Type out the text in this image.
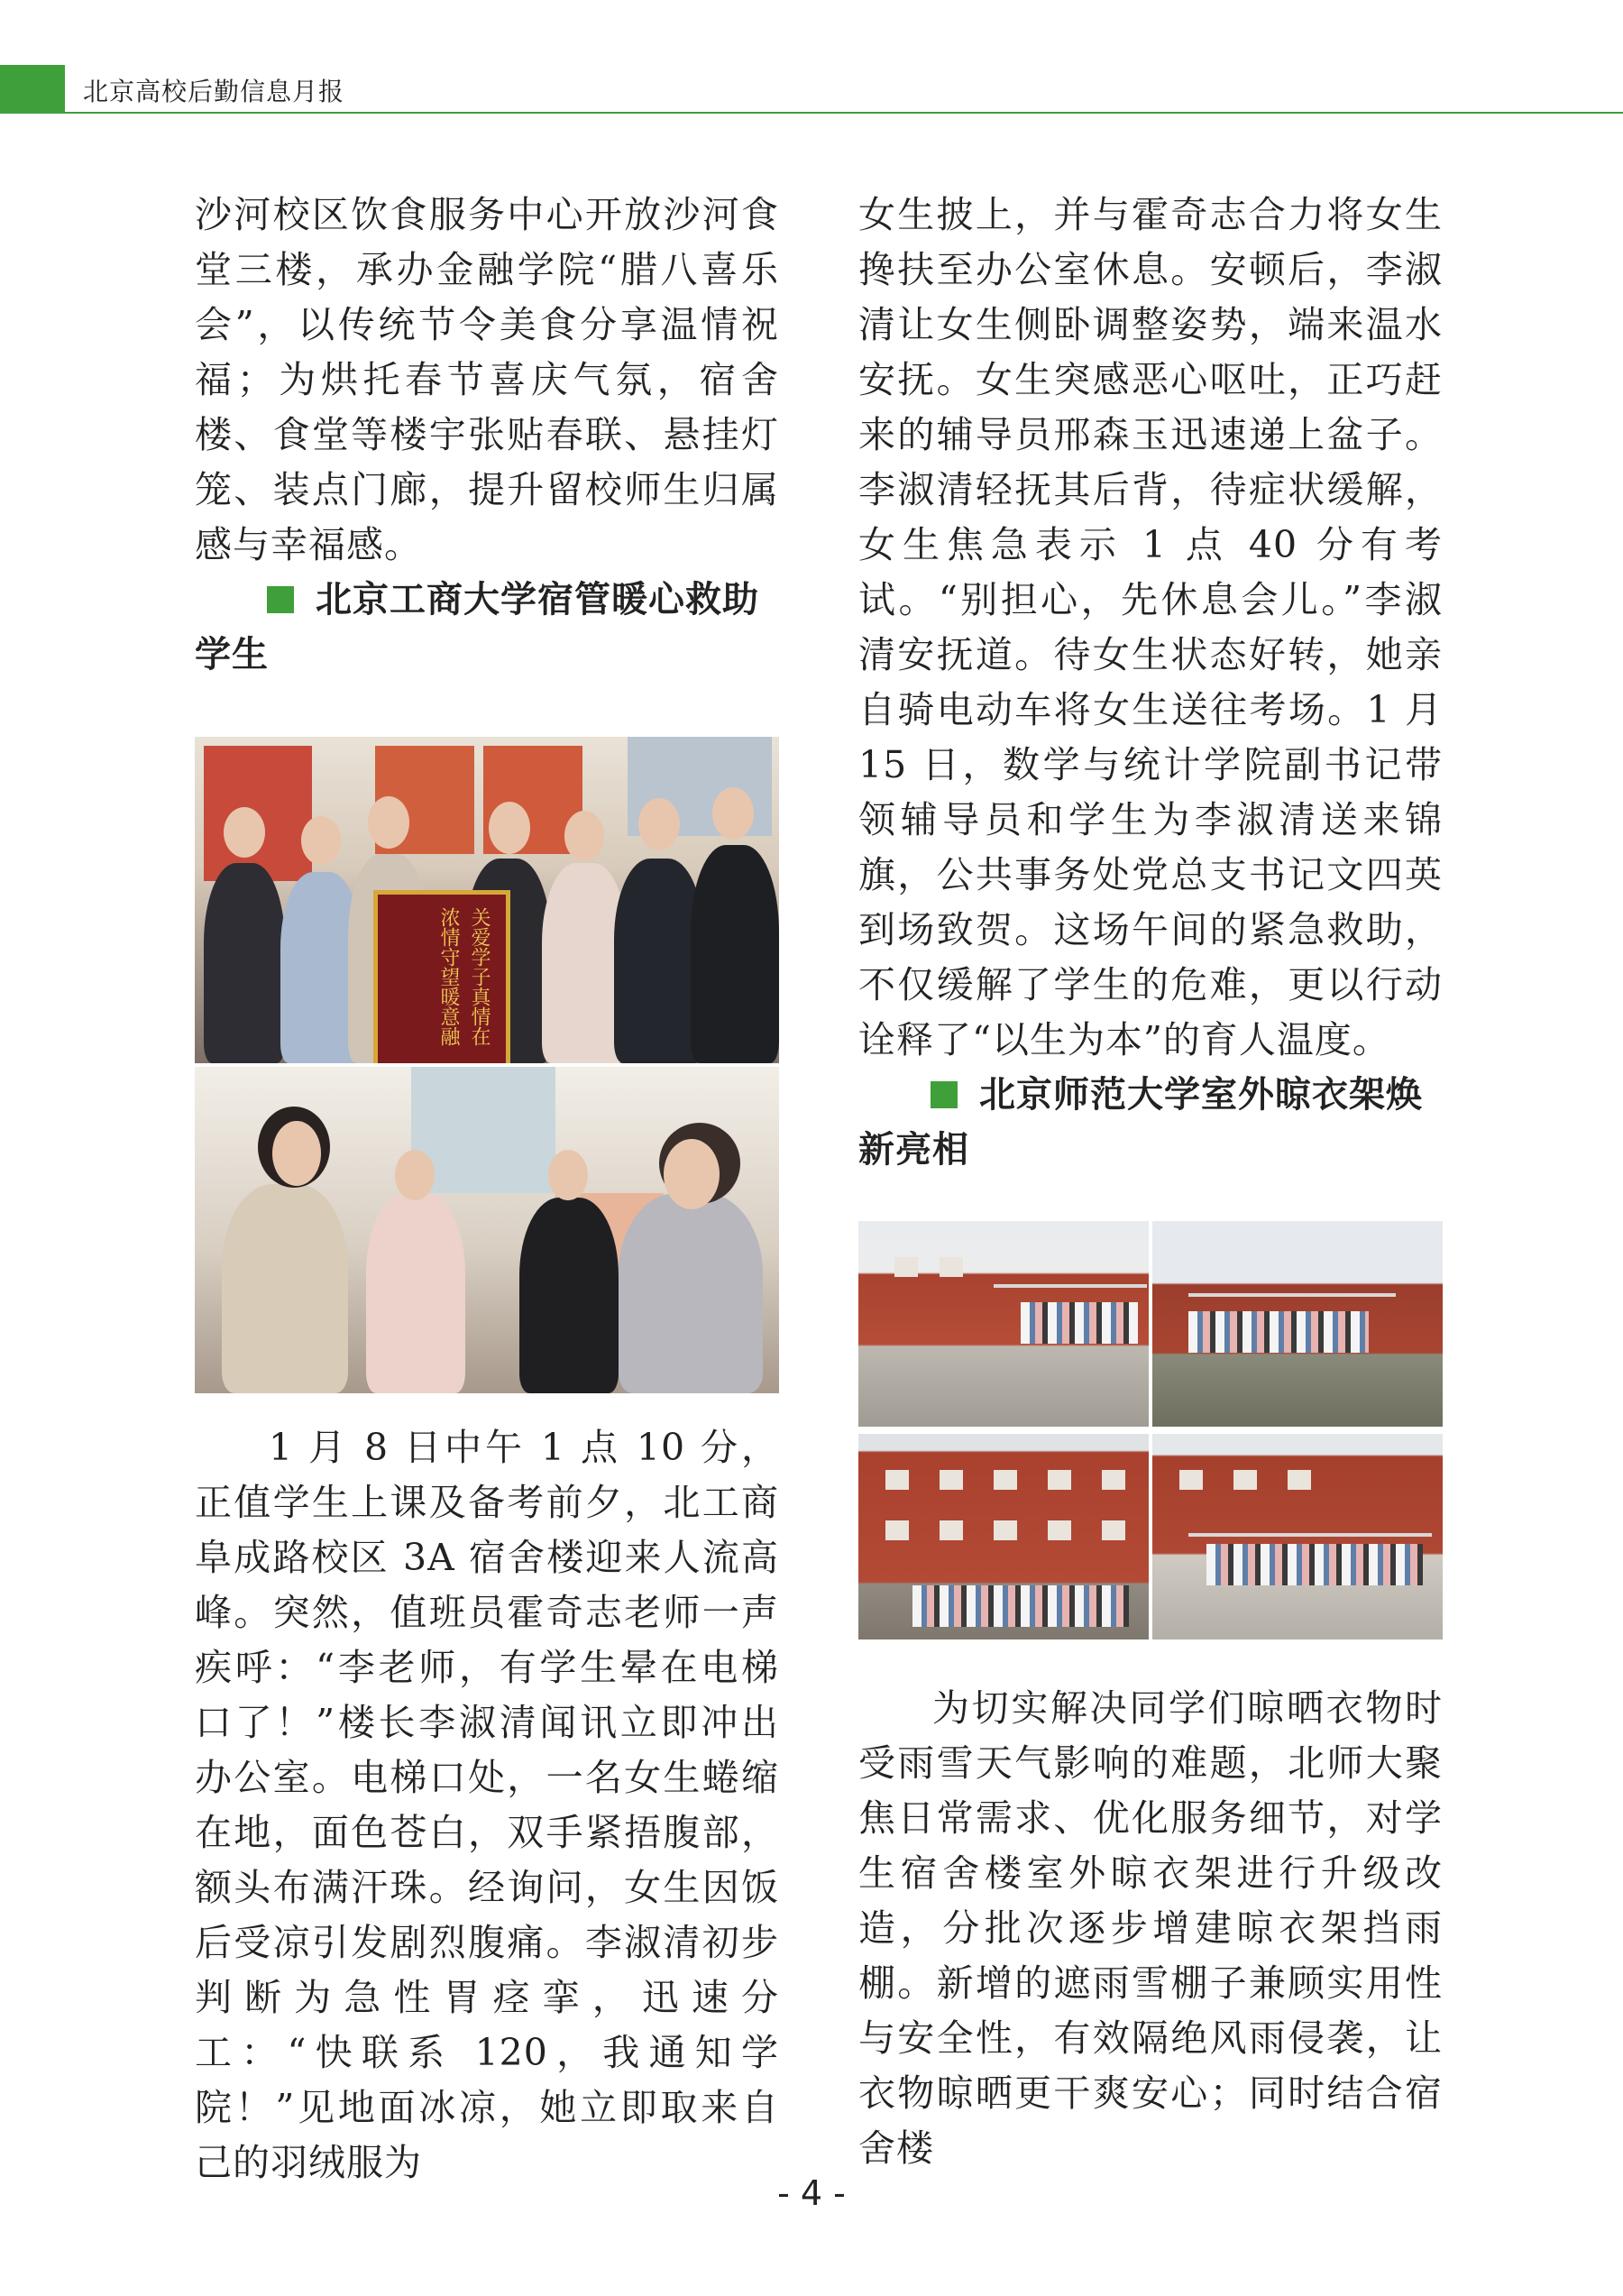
北京高校后勤信息月报

沙河校区饮食服务中心开放沙河食堂三楼，承办金融学院“腊八喜乐会”，以传统节令美食分享温情祝福；为烘托春节喜庆气氛，宿舍楼、食堂等楼宇张贴春联、悬挂灯笼、装点门廊，提升留校师生归属感与幸福感。

北京工商大学宿管暖心救助学生
关爱学子真情在
浓情守望暖意融

1 月 8 日中午 1 点 10 分，正值学生上课及备考前夕，北工商阜成路校区 3A 宿舍楼迎来人流高峰。突然，值班员霍奇志老师一声疾呼：“李老师，有学生晕在电梯口了！”楼长李淑清闻讯立即冲出办公室。电梯口处，一名女生蜷缩在地，面色苍白，双手紧捂腹部，额头布满汗珠。经询问，女生因饭后受凉引发剧烈腹痛。李淑清初步判断为急性胃痉挛，迅速分工：“快联系 120，我通知学院！”见地面冰凉，她立即取来自己的羽绒服为

女生披上，并与霍奇志合力将女生搀扶至办公室休息。安顿后，李淑清让女生侧卧调整姿势，端来温水安抚。女生突感恶心呕吐，正巧赶来的辅导员邢森玉迅速递上盆子。李淑清轻抚其后背，待症状缓解，女生焦急表示 1 点 40 分有考试。“别担心，先休息会儿。”李淑清安抚道。待女生状态好转，她亲自骑电动车将女生送往考场。1 月 15 日，数学与统计学院副书记带领辅导员和学生为李淑清送来锦旗，公共事务处党总支书记文四英到场致贺。这场午间的紧急救助，不仅缓解了学生的危难，更以行动诠释了“以生为本”的育人温度。

北京师范大学室外晾衣架焕新亮相

为切实解决同学们晾晒衣物时受雨雪天气影响的难题，北师大聚焦日常需求、优化服务细节，对学生宿舍楼室外晾衣架进行升级改造，分批次逐步增建晾衣架挡雨棚。新增的遮雨雪棚子兼顾实用性与安全性，有效隔绝风雨侵袭，让衣物晾晒更干爽安心；同时结合宿舍楼

- 4 -
